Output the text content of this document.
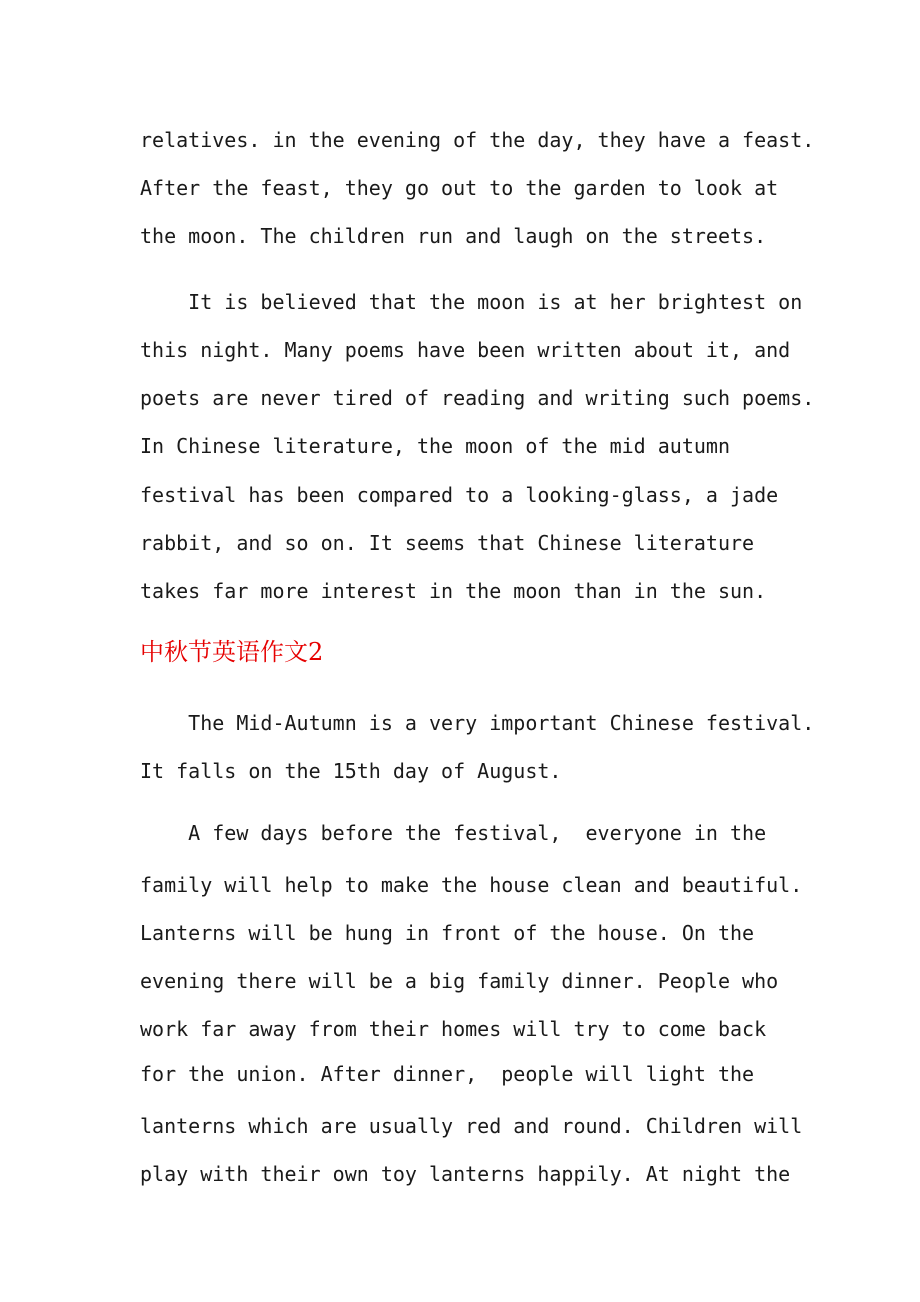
relatives. in the evening of the day, they have a feast.
After the feast, they go out to the garden to look at
the moon. The children run and laugh on the streets.
It is believed that the moon is at her brightest on
this night. Many poems have been written about it, and
poets are never tired of reading and writing such poems.
In Chinese literature, the moon of the mid autumn
festival has been compared to a looking-glass, a jade
rabbit, and so on. It seems that Chinese literature
takes far more interest in the moon than in the sun.
中秋节英语作文2
The Mid-Autumn is a very important Chinese festival.
It falls on the 15th day of August.
A few days before the festival,  everyone in the
family will help to make the house clean and beautiful.
Lanterns will be hung in front of the house. On the
evening there will be a big family dinner. People who
work far away from their homes will try to come back
for the union. After dinner,  people will light the
lanterns which are usually red and round. Children will
play with their own toy lanterns happily. At night the
